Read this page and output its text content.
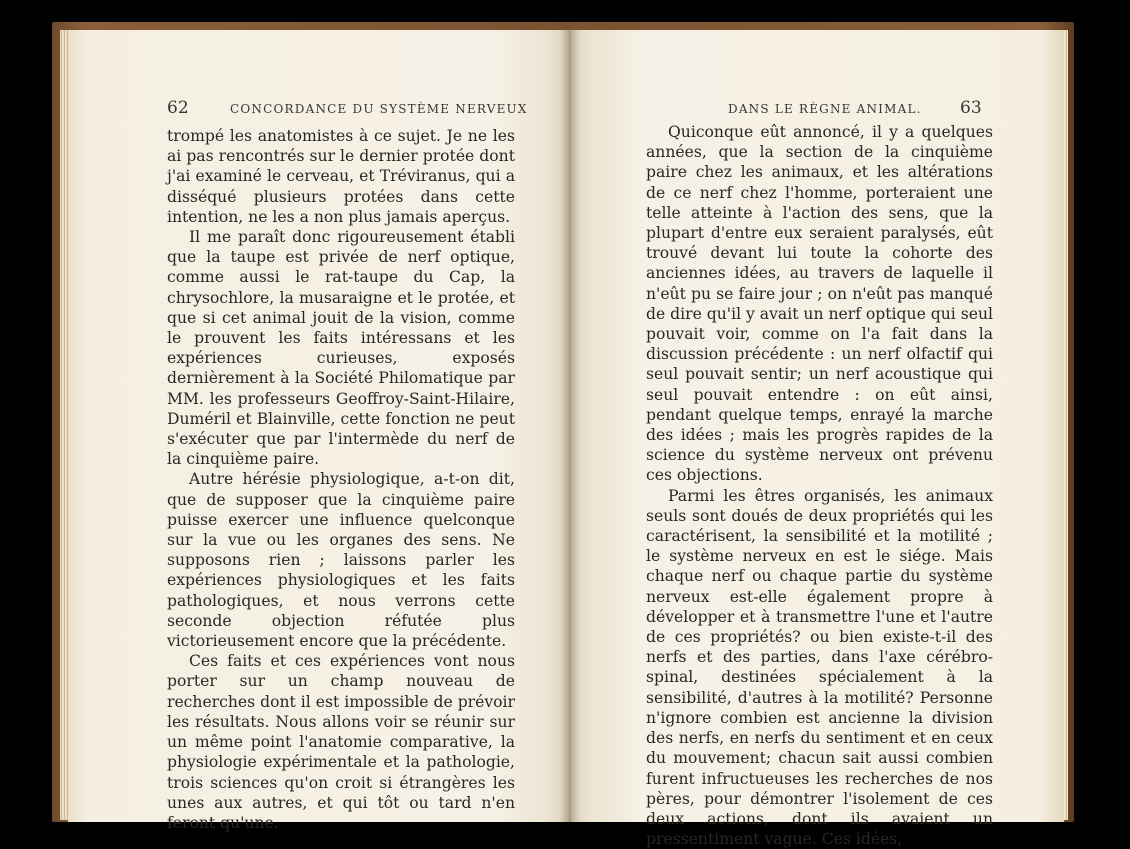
62	CONCORDANCE DU SYSTÈME NERVEUX

trompé les anatomistes à ce sujet. Je ne les ai pas rencontrés sur le dernier protée dont j'ai examiné le cerveau, et Tréviranus, qui a disséqué plusieurs protées dans cette intention, ne les a non plus jamais aperçus.

Il me paraît donc rigoureusement établi que la taupe est privée de nerf optique, comme aussi le rat-taupe du Cap, la chrysochlore, la musaraigne et le protée, et que si cet animal jouit de la vision, comme le prouvent les faits intéressans et les expériences curieuses, exposés dernièrement à la Société Philomatique par MM. les professeurs Geoffroy-Saint-Hilaire, Duméril et Blainville, cette fonction ne peut s'exécuter que par l'intermède du nerf de la cinquième paire.

Autre hérésie physiologique, a-t-on dit, que de supposer que la cinquième paire puisse exercer une influence quelconque sur la vue ou les organes des sens. Ne supposons rien ; laissons parler les expériences physiologiques et les faits pathologiques, et nous verrons cette seconde objection réfutée plus victorieusement encore que la précédente.

Ces faits et ces expériences vont nous porter sur un champ nouveau de recherches dont il est impossible de prévoir les résultats. Nous allons voir se réunir sur un même point l'anatomie comparative, la physiologie expérimentale et la pathologie, trois sciences qu'on croit si étrangères les unes aux autres, et qui tôt ou tard n'en feront qu'une.

DANS LE RÈGNE ANIMAL. 63

Quiconque eût annoncé, il y a quelques années, que la section de la cinquième paire chez les animaux, et les altérations de ce nerf chez l'homme, porteraient une telle atteinte à l'action des sens, que la plupart d'entre eux seraient paralysés, eût trouvé devant lui toute la cohorte des anciennes idées, au travers de laquelle il n'eût pu se faire jour ; on n'eût pas manqué de dire qu'il y avait un nerf optique qui seul pouvait voir, comme on l'a fait dans la discussion précédente : un nerf olfactif qui seul pouvait sentir; un nerf acoustique qui seul pouvait entendre : on eût ainsi, pendant quelque temps, enrayé la marche des idées ; mais les progrès rapides de la science du système nerveux ont prévenu ces objections.

Parmi les êtres organisés, les animaux seuls sont doués de deux propriétés qui les caractérisent, la sensibilité et la motilité ; le système nerveux en est le siége. Mais chaque nerf ou chaque partie du système nerveux est-elle également propre à développer et à transmettre l'une et l'autre de ces propriétés? ou bien existe-t-il des nerfs et des parties, dans l'axe cérébro-spinal, destinées spécialement à la sensibilité, d'autres à la motilité? Personne n'ignore combien est ancienne la division des nerfs, en nerfs du sentiment et en ceux du mouvement; chacun sait aussi combien furent infructueuses les recherches de nos pères, pour démontrer l'isolement de ces deux actions, dont ils avaient un pressentiment vague. Ces idées,
